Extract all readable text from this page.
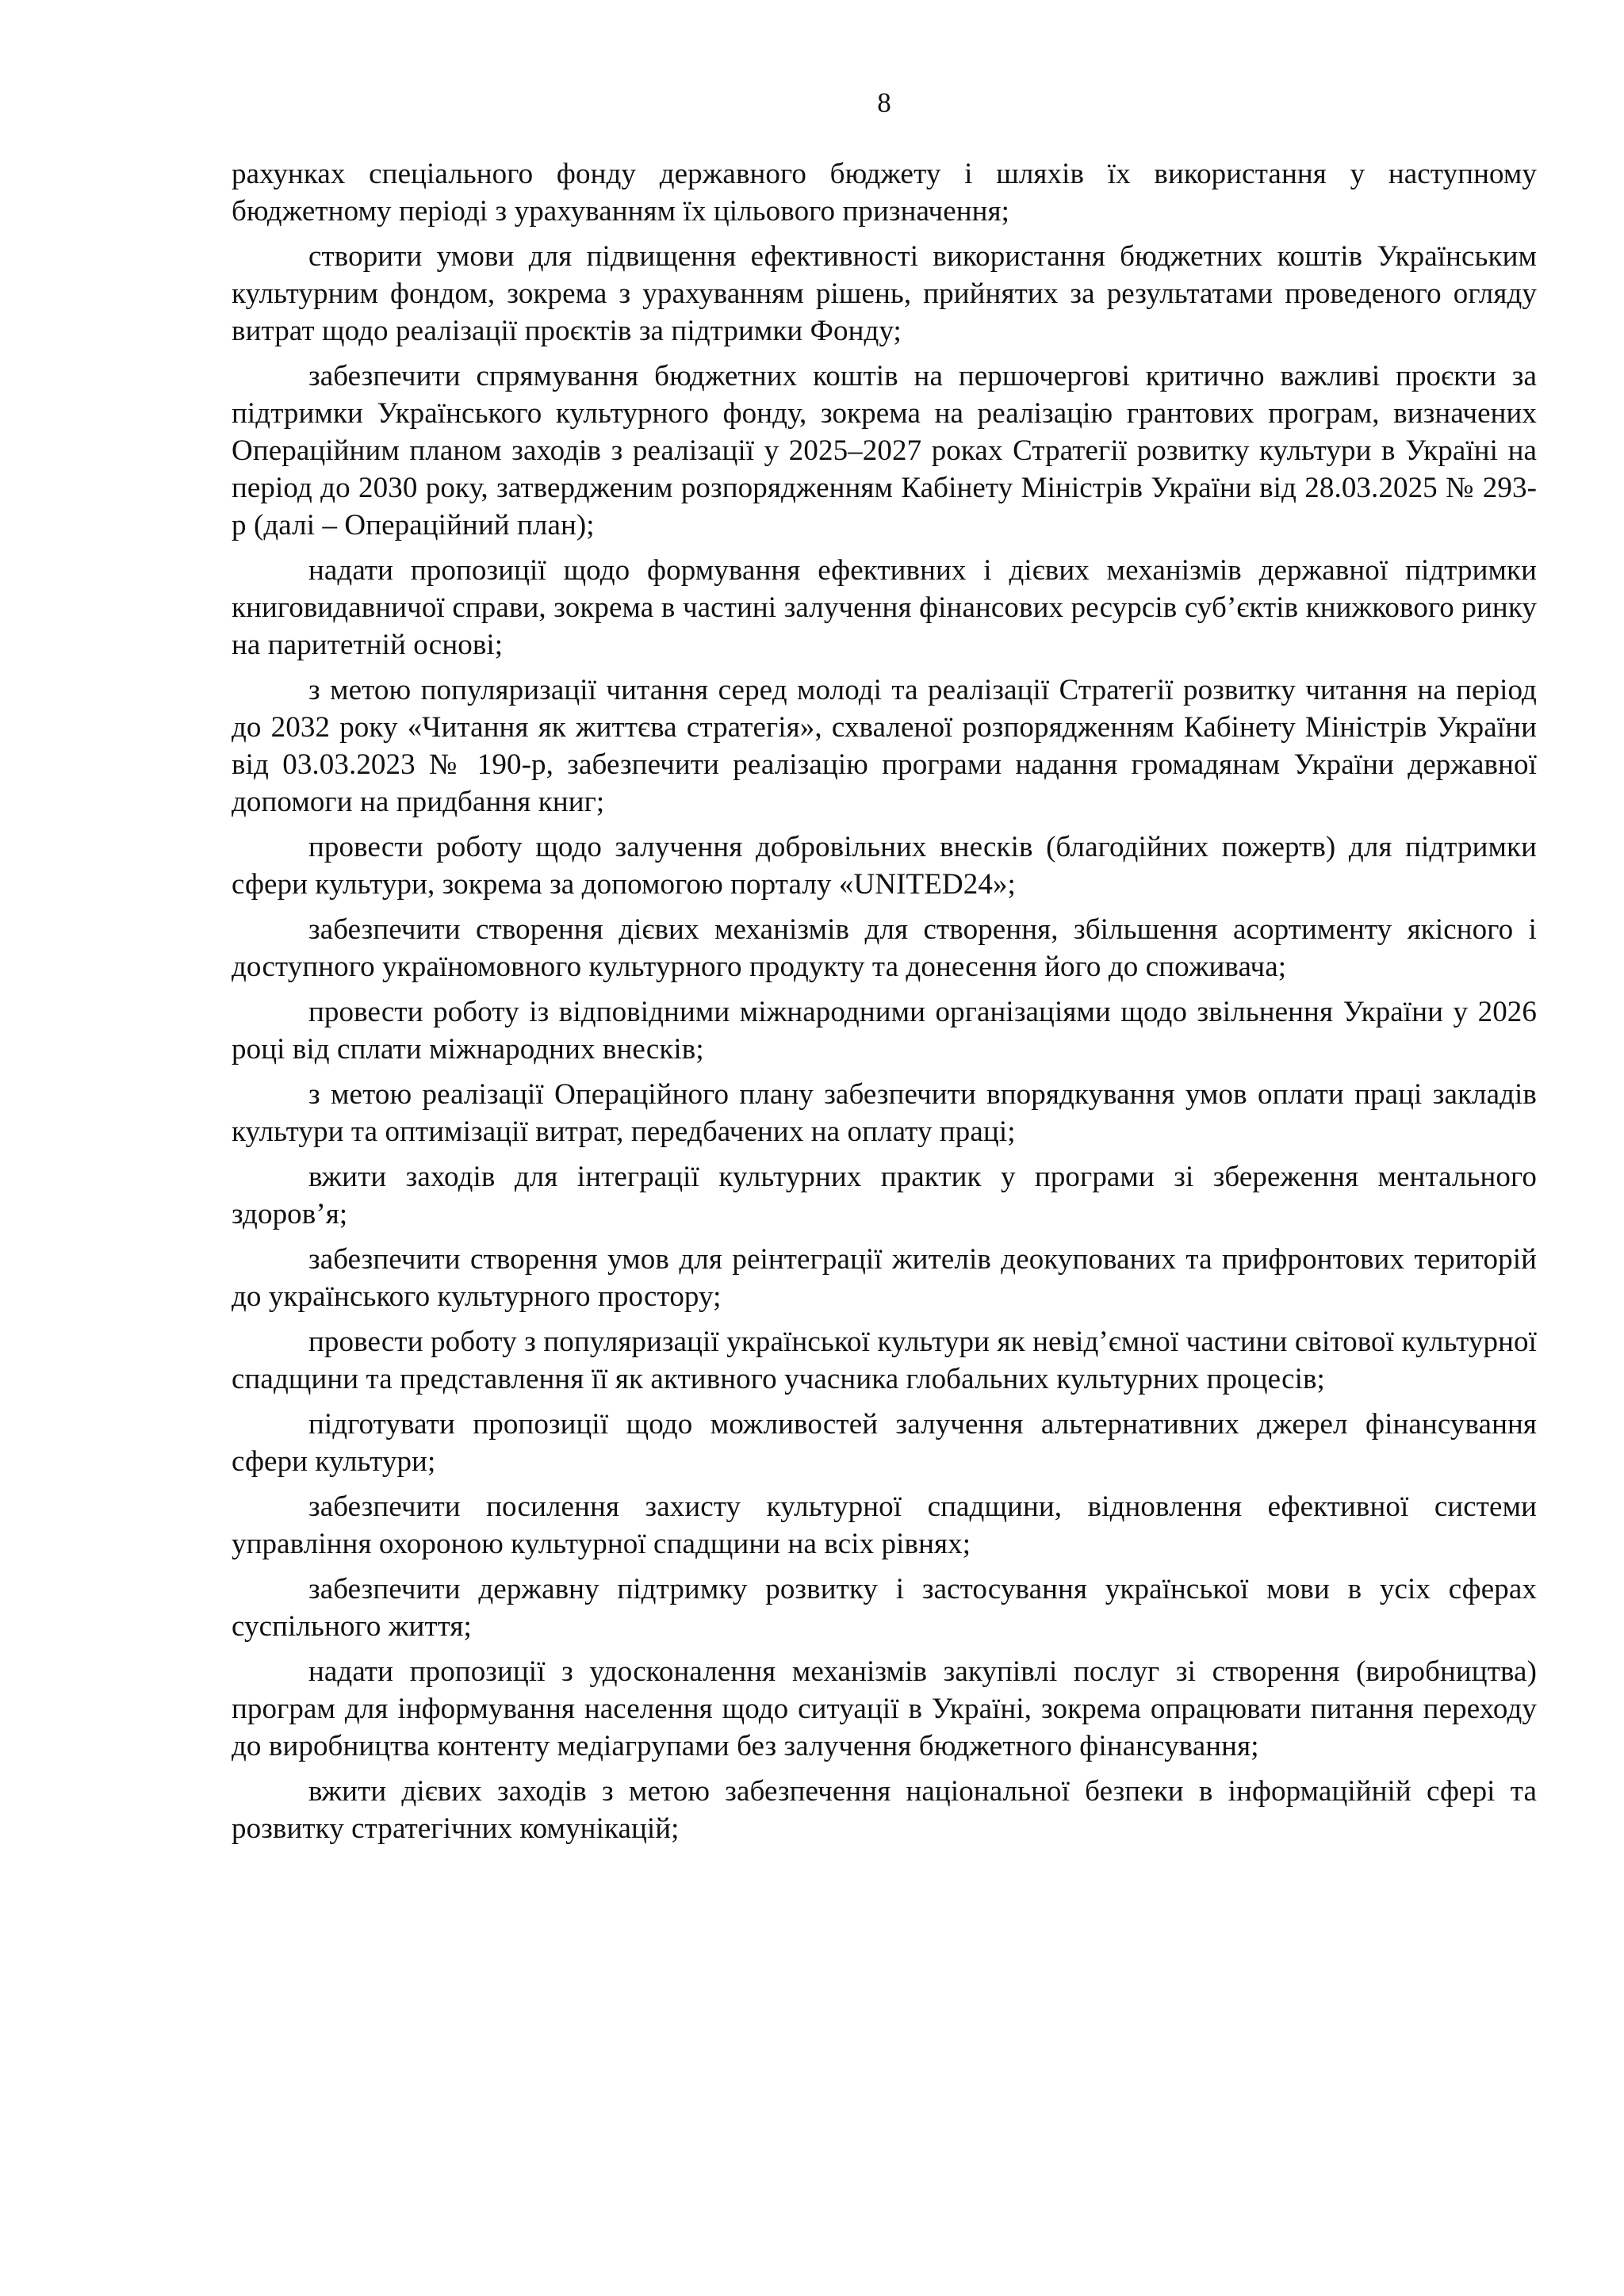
8

рахунках спеціального фонду державного бюджету і шляхів їх використання у наступному бюджетному періоді з урахуванням їх цільового призначення;

створити умови для підвищення ефективності використання бюджетних коштів Українським культурним фондом, зокрема з урахуванням рішень, прийнятих за результатами проведеного огляду витрат щодо реалізації проєктів за підтримки Фонду;

забезпечити спрямування бюджетних коштів на першочергові критично важливі проєкти за підтримки Українського культурного фонду, зокрема на реалізацію грантових програм, визначених Операційним планом заходів з реалізації у 2025–2027 роках Стратегії розвитку культури в Україні на період до 2030 року, затвердженим розпорядженням Кабінету Міністрів України від 28.03.2025 № 293-р (далі – Операційний план);

надати пропозиції щодо формування ефективних і дієвих механізмів державної підтримки книговидавничої справи, зокрема в частині залучення фінансових ресурсів суб’єктів книжкового ринку на паритетній основі;

з метою популяризації читання серед молоді та реалізації Стратегії розвитку читання на період до 2032 року «Читання як життєва стратегія», схваленої розпорядженням Кабінету Міністрів України від 03.03.2023 № 190-р, забезпечити реалізацію програми надання громадянам України державної допомоги на придбання книг;

провести роботу щодо залучення добровільних внесків (благодійних пожертв) для підтримки сфери культури, зокрема за допомогою порталу «UNITED24»;

забезпечити створення дієвих механізмів для створення, збільшення асортименту якісного і доступного україномовного культурного продукту та донесення його до споживача;

провести роботу із відповідними міжнародними організаціями щодо звільнення України у 2026 році від сплати міжнародних внесків;

з метою реалізації Операційного плану забезпечити впорядкування умов оплати праці закладів культури та оптимізації витрат, передбачених на оплату праці;

вжити заходів для інтеграції культурних практик у програми зі збереження ментального здоров’я;

забезпечити створення умов для реінтеграції жителів деокупованих та прифронтових територій до українського культурного простору;

провести роботу з популяризації української культури як невід’ємної частини світової культурної спадщини та представлення її як активного учасника глобальних культурних процесів;

підготувати пропозиції щодо можливостей залучення альтернативних джерел фінансування сфери культури;

забезпечити посилення захисту культурної спадщини, відновлення ефективної системи управління охороною культурної спадщини на всіх рівнях;

забезпечити державну підтримку розвитку і застосування української мови в усіх сферах суспільного життя;

надати пропозиції з удосконалення механізмів закупівлі послуг зі створення (виробництва) програм для інформування населення щодо ситуації в Україні, зокрема опрацювати питання переходу до виробництва контенту медіагрупами без залучення бюджетного фінансування;

вжити дієвих заходів з метою забезпечення національної безпеки в інформаційній сфері та розвитку стратегічних комунікацій;
